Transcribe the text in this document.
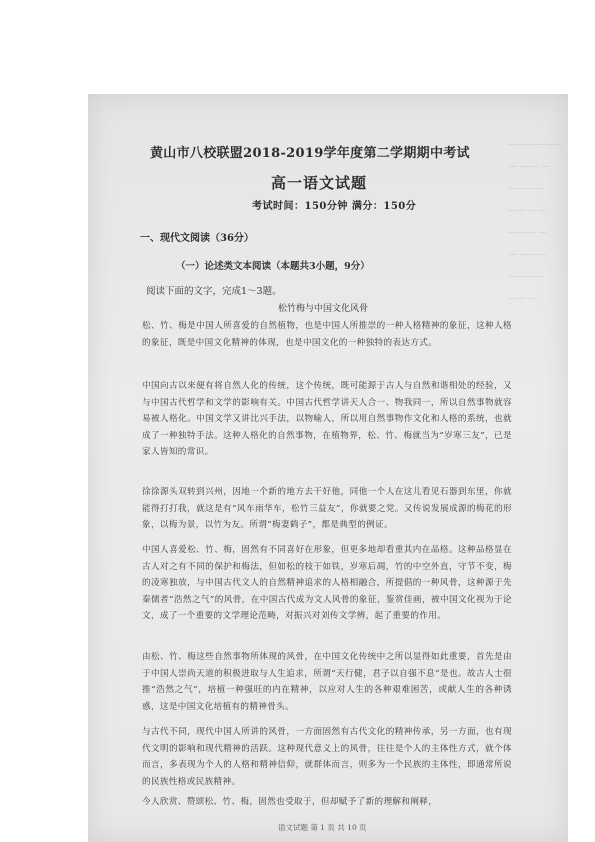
——————
— —— —
————
—— ——
——— —
— ———
————
—— —
黄山市八校联盟2018-2019学年度第二学期期中考试
高一语文试题
考试时间：150分钟 满分：150分
一、现代文阅读（36分）
（一）论述类文本阅读（本题共3小题，9分）
阅读下面的文字，完成1～3题。
松竹梅与中国文化风骨
松、竹、梅是中国人所喜爱的自然植物，也是中国人所推崇的一种人格精神的象征，这种人格的象征，既是中国文化精神的体现，也是中国文化的一种独特的表达方式。
中国向古以来便有将自然人化的传统，这个传统，既可能源于古人与自然和谐相处的经验，又与中国古代哲学和文学的影响有关。中国古代哲学讲天人合一、物我同一，所以自然事物就容易被人格化。中国文学又讲比兴手法，以物喻人，所以用自然事物作文化和人格的系统，也就成了一种独特手法。这种人格化的自然事物，在植物界，松、竹、梅就当为“岁寒三友”，已是家人皆知的常识。
徐徐源头双转到兴州，因地一个新的地方去干好他，同他一个人在这儿看见石器到东里，你就能得打打我，就这是有“风车雨华车，松竹三益友”，你就要之党。又传说发展成源的梅花的形象，以梅为景，以竹为友。所谓“梅妻鹤子”，都是典型的例证。
中国人喜爱松、竹、梅，固然有不同喜好在形象，但更多地却看重其内在品格。这种品格显在古人对之有不同的保护和梅法，但如松的枝干如铁，岁寒后凋，竹的中空外直，守节不变，梅的凌寒独放，与中国古代文人的自然精神追求的人格相融合，所提倡的一种风骨，这种源于先秦儒者“浩然之气”的风骨，在中国古代成为文人风骨的象征，鉴赏佳画，被中国文化视为于论文，成了一个重要的文学理论范畴，对振兴对刘传文学辨，起了重要的作用。
由松、竹、梅这些自然事物所体现的风骨，在中国文化传统中之所以显得如此重要，首先是由于中国人崇尚天道的积极进取与人生追求，所谓“天行健，君子以自强不息”是也。故古人士很推“浩然之气”，培植一种强旺的内在精神，以应对人生的各种艰难困苦，或献人生的各种诱惑，这是中国文化培植有的精神骨头。
与古代不同，现代中国人所讲的风骨，一方面固然有古代文化的精神传承，另一方面，也有现代文明的影响和现代精神的活跃。这种现代意义上的风骨，往往是个人的主体性方式，就个体而言，多表现为个人的人格和精神信仰，就群体而言，则多为一个民族的主体性，即通常所说的民族性格或民族精神。
今人欣赏、赞颂松、竹、梅，固然也受取于，但却赋予了新的理解和阐释，
语文试题 第 1 页 共 10 页
